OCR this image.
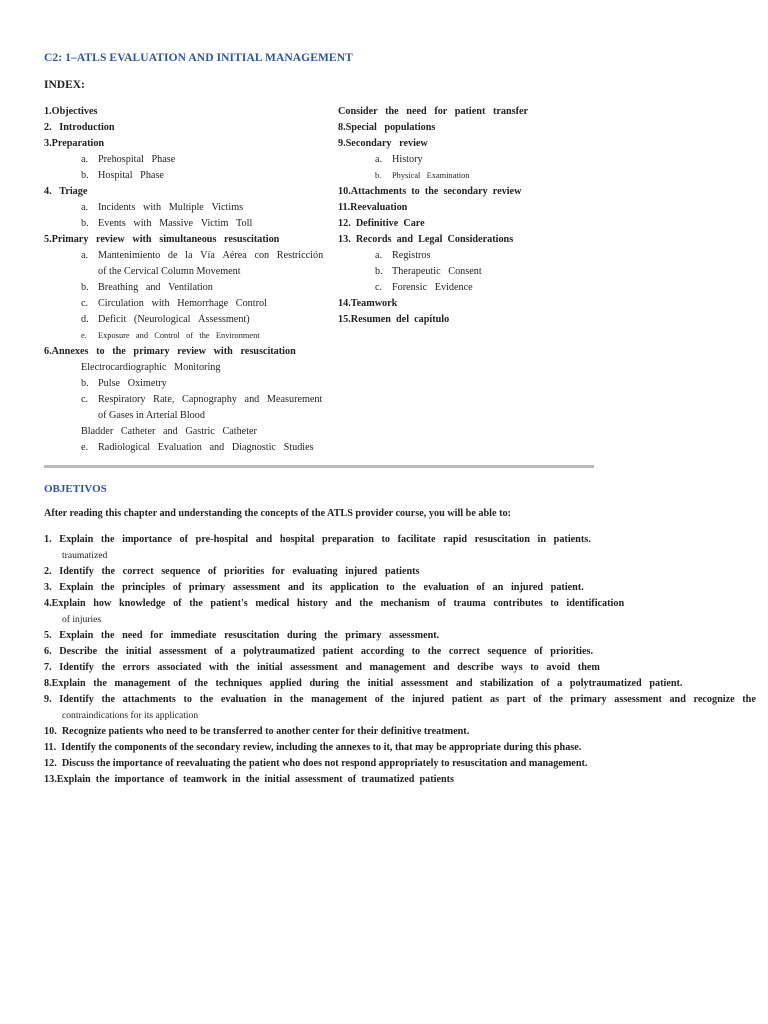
C2: 1–ATLS EVALUATION AND INITIAL MANAGEMENT
INDEX:
1.Objectives
2.   Introduction
3.Preparation
a. Prehospital   Phase
b. Hospital   Phase
4.   Triage
a. Incidents   with   Multiple   Victims
b. Events   with   Massive   Victim   Toll
5.Primary   review   with   simultaneous   resuscitation
a. Mantenimiento   de   la   Vía   Aérea   con   Restricción
of the Cervical Column Movement
b. Breathing   and   Ventilation
c. Circulation   with   Hemorrhage   Control
d. Deficit   (Neurological   Assessment)
e.	Exposure   and   Control   of   the   Environment
6.Annexes   to   the   primary   review   with   resuscitation
Electrocardiographic   Monitoring
b. Pulse   Oximetry
c. Respiratory   Rate,   Capnography   and   Measurement
of Gases in Arterial Blood
Bladder   Catheter   and   Gastric   Catheter
e. Radiological   Evaluation   and   Diagnostic   Studies
Consider   the   need   for   patient   transfer
8.Special   populations
9.Secondary   review
a. History
b.	Physical   Examination
10.Attachments  to  the  secondary  review
11.Reevaluation
12.  Definitive  Care
13.  Records  and  Legal  Considerations
a. Registros
b. Therapeutic   Consent
c. Forensic   Evidence
14.Teamwork
15.Resumen  del  capítulo
OBJETIVOS
After reading this chapter and understanding the concepts of the ATLS provider course, you will be able to:
1.   Explain   the   importance   of   pre-hospital   and   hospital   preparation   to   facilitate   rapid   resuscitation   in   patients.
traumatized
2.   Identify   the   correct   sequence   of   priorities   for   evaluating   injured   patients
3.   Explain   the   principles   of   primary   assessment   and   its   application   to   the   evaluation   of   an   injured   patient.
4.Explain   how   knowledge   of   the   patient's   medical   history   and   the   mechanism   of   trauma   contributes   to   identification
of injuries
5.   Explain   the   need   for   immediate   resuscitation   during   the   primary   assessment.
6.   Describe   the   initial   assessment   of   a   polytraumatized   patient   according   to   the   correct   sequence   of   priorities.
7.   Identify   the   errors   associated   with   the   initial   assessment   and   management   and   describe   ways   to   avoid   them
8.Explain   the   management   of   the   techniques   applied   during   the   initial   assessment   and   stabilization   of   a   polytraumatized   patient.
9.   Identify   the   attachments   to   the   evaluation   in   the   management   of   the   injured   patient   as   part   of   the   primary   assessment   and   recognize   the
contraindications for its application
10.  Recognize patients who need to be transferred to another center for their definitive treatment.
11.  Identify the components of the secondary review, including the annexes to it, that may be appropriate during this phase.
12.  Discuss the importance of reevaluating the patient who does not respond appropriately to resuscitation and management.
13.Explain  the  importance  of  teamwork  in  the  initial  assessment  of  traumatized  patients
